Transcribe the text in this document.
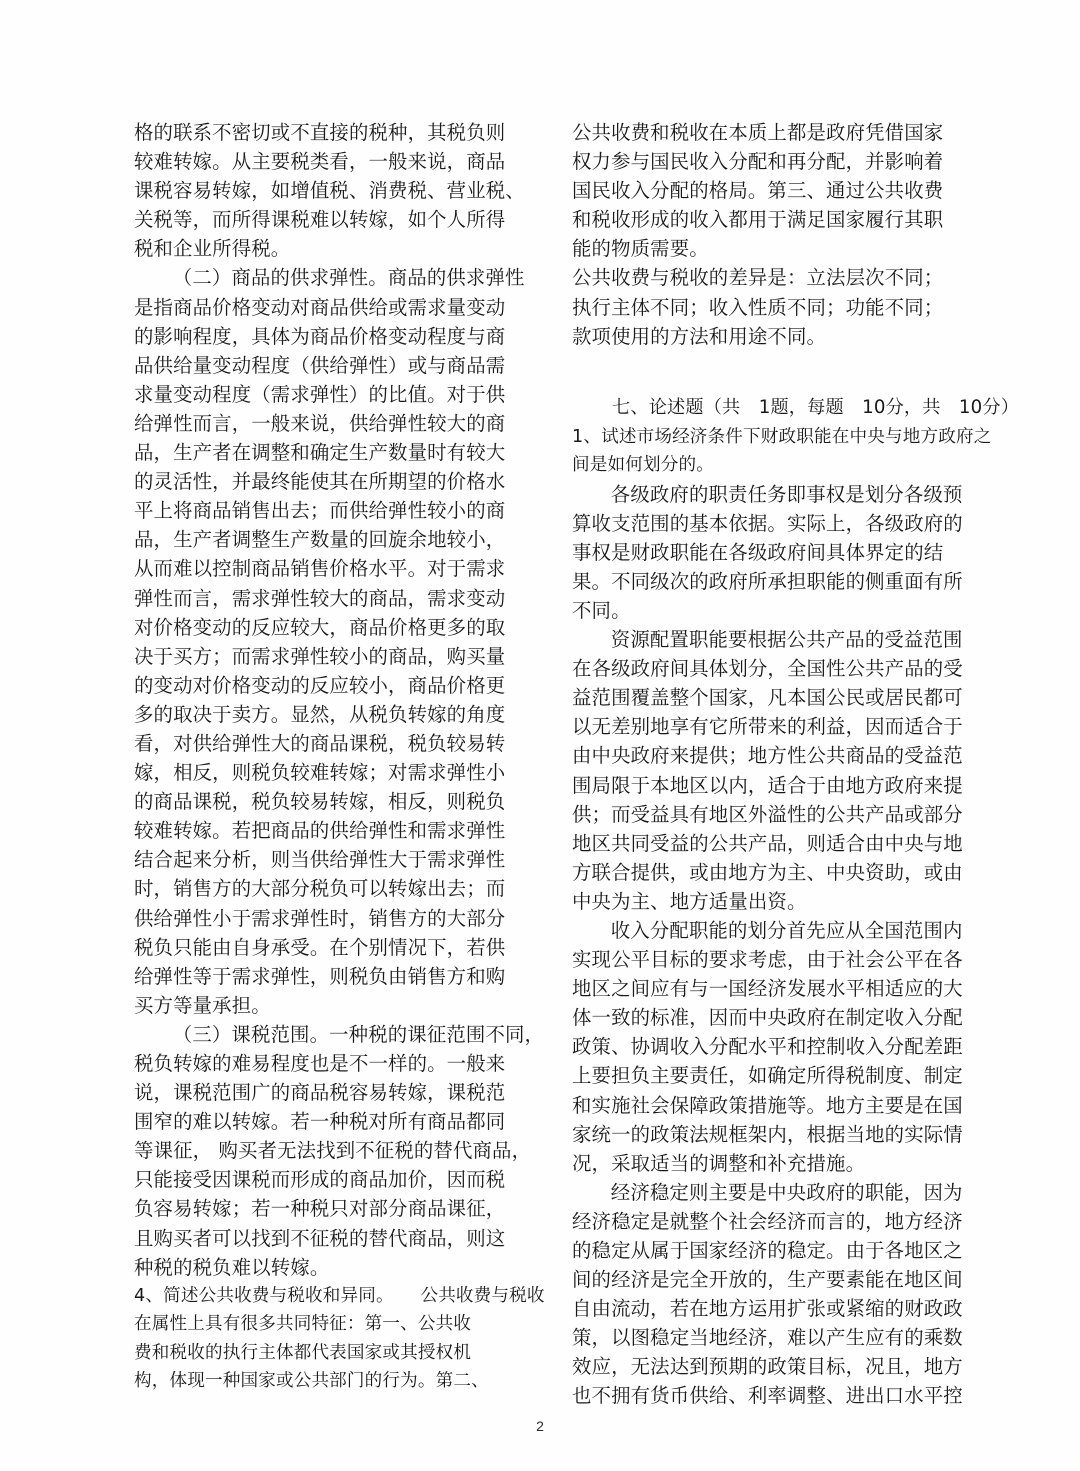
格的联系不密切或不直接的税种，其税负则
较难转嫁。从主要税类看，一般来说，商品
课税容易转嫁，如增值税、消费税、营业税、
关税等，而所得课税难以转嫁，如个人所得
税和企业所得税。
（二）商品的供求弹性。商品的供求弹性
是指商品价格变动对商品供给或需求量变动
的影响程度，具体为商品价格变动程度与商
品供给量变动程度（供给弹性）或与商品需
求量变动程度（需求弹性）的比值。对于供
给弹性而言，一般来说，供给弹性较大的商
品，生产者在调整和确定生产数量时有较大
的灵活性，并最终能使其在所期望的价格水
平上将商品销售出去；而供给弹性较小的商
品，生产者调整生产数量的回旋余地较小，
从而难以控制商品销售价格水平。对于需求
弹性而言，需求弹性较大的商品，需求变动
对价格变动的反应较大，商品价格更多的取
决于买方；而需求弹性较小的商品，购买量
的变动对价格变动的反应较小，商品价格更
多的取决于卖方。显然，从税负转嫁的角度
看，对供给弹性大的商品课税，税负较易转
嫁，相反，则税负较难转嫁；对需求弹性小
的商品课税，税负较易转嫁，相反，则税负
较难转嫁。若把商品的供给弹性和需求弹性
结合起来分析，则当供给弹性大于需求弹性
时，销售方的大部分税负可以转嫁出去；而
供给弹性小于需求弹性时，销售方的大部分
税负只能由自身承受。在个别情况下，若供
给弹性等于需求弹性，则税负由销售方和购
买方等量承担。
（三）课税范围。一种税的课征范围不同，
税负转嫁的难易程度也是不一样的。一般来
说，课税范围广的商品税容易转嫁，课税范
围窄的难以转嫁。若一种税对所有商品都同
等课征， 购买者无法找到不征税的替代商品，
只能接受因课税而形成的商品加价，因而税
负容易转嫁；若一种税只对部分商品课征，
且购买者可以找到不征税的替代商品，则这
种税的税负难以转嫁。
4、简述公共收费与税收和异同。　　公共收费与税收
在属性上具有很多共同特征：第一、公共收
费和税收的执行主体都代表国家或其授权机
构，体现一种国家或公共部门的行为。第二、
公共收费和税收在本质上都是政府凭借国家
权力参与国民收入分配和再分配，并影响着
国民收入分配的格局。第三、通过公共收费
和税收形成的收入都用于满足国家履行其职
能的物质需要。
公共收费与税收的差异是：立法层次不同；
执行主体不同；收入性质不同；功能不同；
款项使用的方法和用途不同。
七、论述题（共　1题，每题　10分，共　10分）
1、试述市场经济条件下财政职能在中央与地方政府之
间是如何划分的。
各级政府的职责任务即事权是划分各级预
算收支范围的基本依据。实际上，各级政府的
事权是财政职能在各级政府间具体界定的结
果。不同级次的政府所承担职能的侧重面有所
不同。
资源配置职能要根据公共产品的受益范围
在各级政府间具体划分，全国性公共产品的受
益范围覆盖整个国家，凡本国公民或居民都可
以无差别地享有它所带来的利益，因而适合于
由中央政府来提供；地方性公共商品的受益范
围局限于本地区以内，适合于由地方政府来提
供；而受益具有地区外溢性的公共产品或部分
地区共同受益的公共产品，则适合由中央与地
方联合提供，或由地方为主、中央资助，或由
中央为主、地方适量出资。
收入分配职能的划分首先应从全国范围内
实现公平目标的要求考虑，由于社会公平在各
地区之间应有与一国经济发展水平相适应的大
体一致的标准，因而中央政府在制定收入分配
政策、协调收入分配水平和控制收入分配差距
上要担负主要责任，如确定所得税制度、制定
和实施社会保障政策措施等。地方主要是在国
家统一的政策法规框架内，根据当地的实际情
况，采取适当的调整和补充措施。
经济稳定则主要是中央政府的职能，因为
经济稳定是就整个社会经济而言的，地方经济
的稳定从属于国家经济的稳定。由于各地区之
间的经济是完全开放的，生产要素能在地区间
自由流动，若在地方运用扩张或紧缩的财政政
策，以图稳定当地经济，难以产生应有的乘数
效应，无法达到预期的政策目标，况且，地方
也不拥有货币供给、利率调整、进出口水平控
2
